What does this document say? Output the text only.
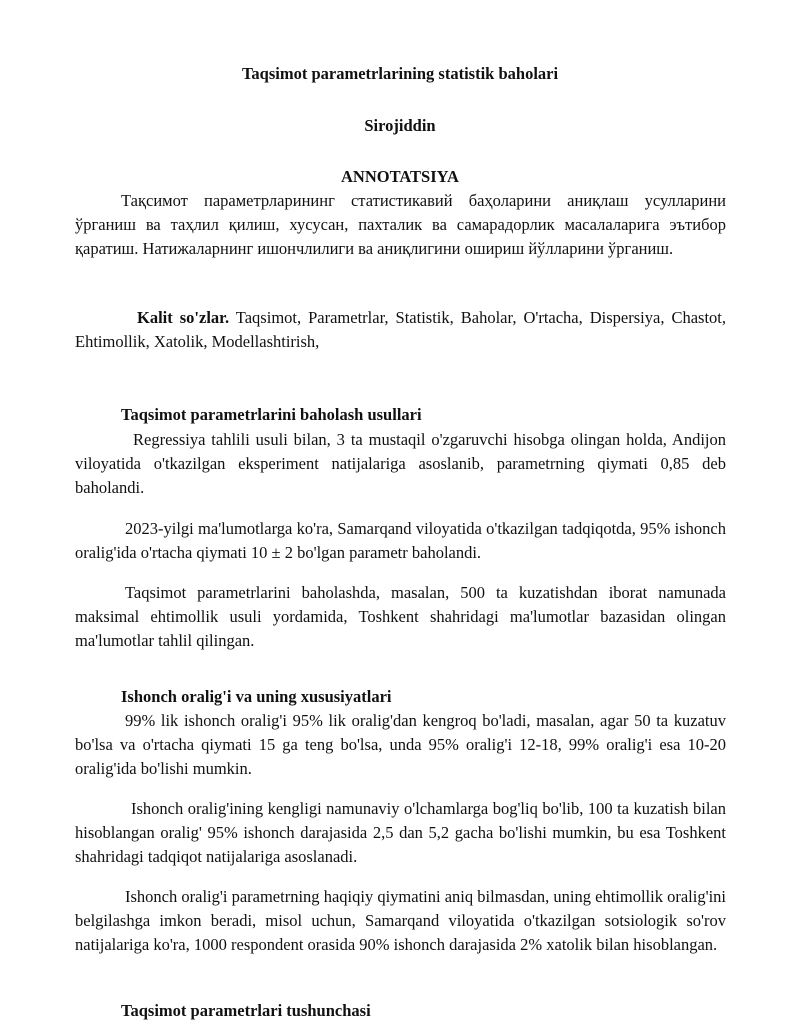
Taqsimot parametrlarining statistik baholari
Sirojiddin
ANNOTATSIYA
Тақсимот параметрларининг статистикавий баҳоларини аниқлаш усулларини ўрганиш ва таҳлил қилиш, хусусан, пахталик ва самарадорлик масалаларига эътибор қаратиш. Натижаларнинг ишончлилиги ва аниқлигини ошириш йўлларини ўрганиш.
Kalit so'zlar. Taqsimot, Parametrlar, Statistik, Baholar, O'rtacha, Dispersiya, Chastot, Ehtimollik, Xatolik, Modellashtirish,
Taqsimot parametrlarini baholash usullari
Regressiya tahlili usuli bilan, 3 ta mustaqil o'zgaruvchi hisobga olingan holda, Andijon viloyatida o'tkazilgan eksperiment natijalariga asoslanib, parametrning qiymati 0,85 deb baholandi.
2023-yilgi ma'lumotlarga ko'ra, Samarqand viloyatida o'tkazilgan tadqiqotda, 95% ishonch oralig'ida o'rtacha qiymati 10 ± 2 bo'lgan parametr baholandi.
Taqsimot parametrlarini baholashda, masalan, 500 ta kuzatishdan iborat namunada maksimal ehtimollik usuli yordamida, Toshkent shahridagi ma'lumotlar bazasidan olingan ma'lumotlar tahlil qilingan.
Ishonch oralig'i va uning xususiyatlari
99% lik ishonch oralig'i 95% lik oralig'dan kengroq bo'ladi, masalan, agar 50 ta kuzatuv bo'lsa va o'rtacha qiymati 15 ga teng bo'lsa, unda 95% oralig'i 12-18, 99% oralig'i esa 10-20 oralig'ida bo'lishi mumkin.
Ishonch oralig'ining kengligi namunaviy o'lchamlarga bog'liq bo'lib, 100 ta kuzatish bilan hisoblangan oralig' 95% ishonch darajasida 2,5 dan 5,2 gacha bo'lishi mumkin, bu esa Toshkent shahridagi tadqiqot natijalariga asoslanadi.
Ishonch oralig'i parametrning haqiqiy qiymatini aniq bilmasdan, uning ehtimollik oralig'ini belgilashga imkon beradi, misol uchun, Samarqand viloyatida o'tkazilgan sotsiologik so'rov natijalariga ko'ra, 1000 respondent orasida 90% ishonch darajasida 2% xatolik bilan hisoblangan.
Taqsimot parametrlari tushunchasi
